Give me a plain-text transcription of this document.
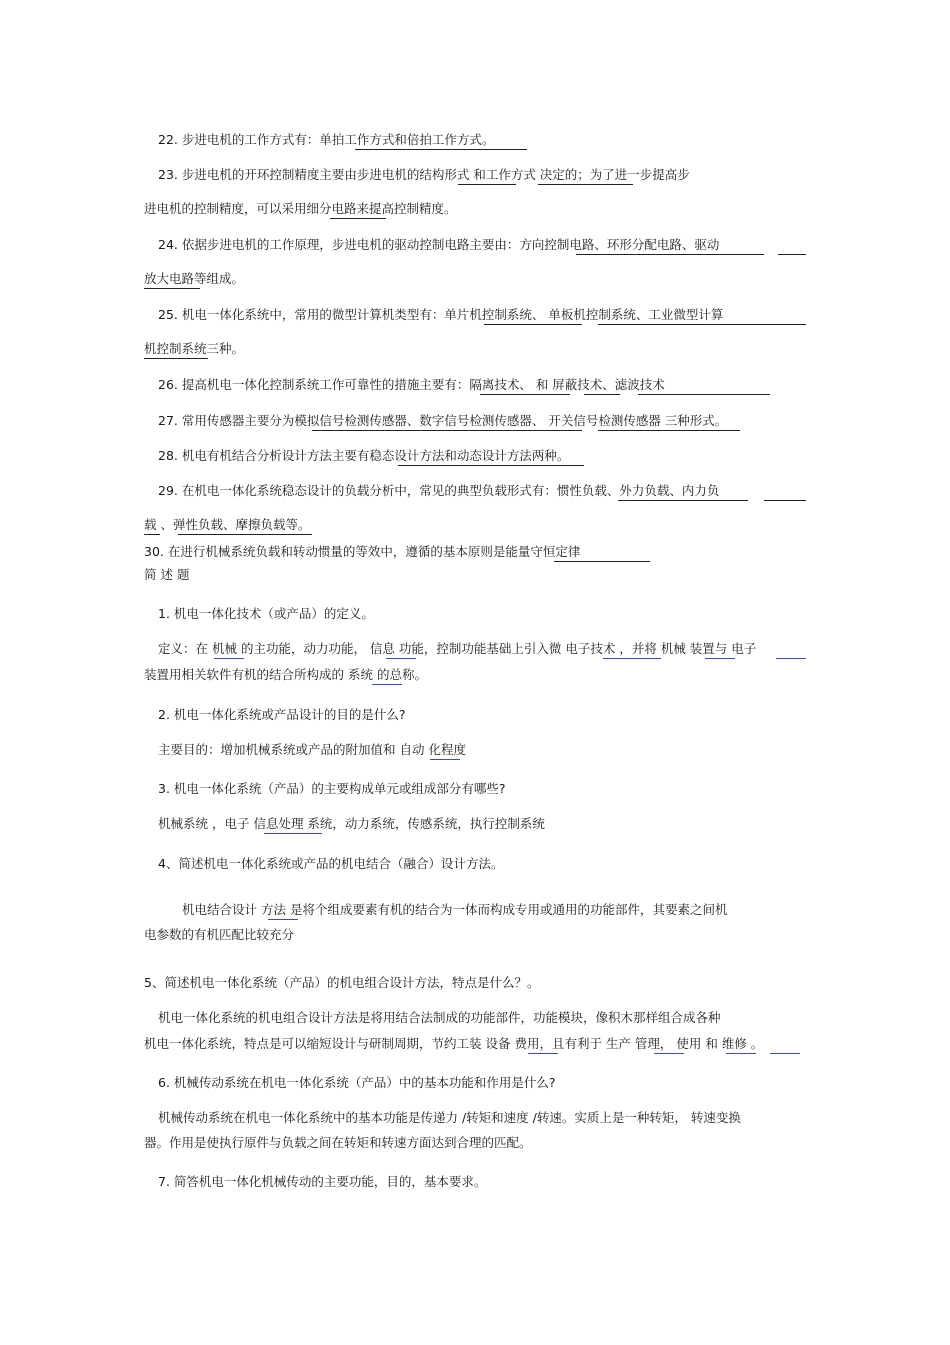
22. 步进电机的工作方式有：单拍工作方式和倍拍工作方式。
23. 步进电机的开环控制精度主要由步进电机的结构形式 和工作方式 决定的；为了进一步提高步
进电机的控制精度，可以采用细分电路来提高控制精度。
24. 依据步进电机的工作原理，步进电机的驱动控制电路主要由：方向控制电路、环形分配电路、驱动
放大电路等组成。
25. 机电一体化系统中，常用的微型计算机类型有：单片机控制系统、 单板机控制系统、工业微型计算
机控制系统三种。
26. 提高机电一体化控制系统工作可靠性的措施主要有：隔离技术、 和 屏蔽技术、滤波技术
27. 常用传感器主要分为模拟信号检测传感器、数字信号检测传感器、 开关信号检测传感器 三种形式。
28. 机电有机结合分析设计方法主要有稳态设计方法和动态设计方法两种。
29. 在机电一体化系统稳态设计的负载分析中，常见的典型负载形式有：惯性负载、外力负载、内力负
载 、弹性负载、摩擦负载等。
30. 在进行机械系统负载和转动惯量的等效中，遵循的基本原则是能量守恒定律
简 述 题
1. 机电一体化技术（或产品）的定义。
定义：在 机械 的主功能，动力功能， 信息 功能，控制功能基础上引入微 电子技术 ，并将 机械 装置与 电子
装置用相关软件有机的结合所构成的 系统 的总称。
2. 机电一体化系统或产品设计的目的是什么?
主要目的：增加机械系统或产品的附加值和 自动 化程度
3. 机电一体化系统（产品）的主要构成单元或组成部分有哪些?
机械系统 ，电子 信息处理 系统，动力系统，传感系统，执行控制系统
4、简述机电一体化系统或产品的机电结合（融合）设计方法。
机电结合设计 方法 是将个组成要素有机的结合为一体而构成专用或通用的功能部件，其要素之间机
电参数的有机匹配比较充分
5、简述机电一体化系统（产品）的机电组合设计方法，特点是什么？。
机电一体化系统的机电组合设计方法是将用结合法制成的功能部件，功能模块，像积木那样组合成各种
机电一体化系统，特点是可以缩短设计与研制周期，节约工装 设备 费用，且有利于 生产 管理， 使用 和 维修 。
6. 机械传动系统在机电一体化系统（产品）中的基本功能和作用是什么?
机械传动系统在机电一体化系统中的基本功能是传递力 /转矩和速度 /转速。实质上是一种转矩， 转速变换
器。作用是使执行原件与负载之间在转矩和转速方面达到合理的匹配。
7. 简答机电一体化机械传动的主要功能，目的，基本要求。
